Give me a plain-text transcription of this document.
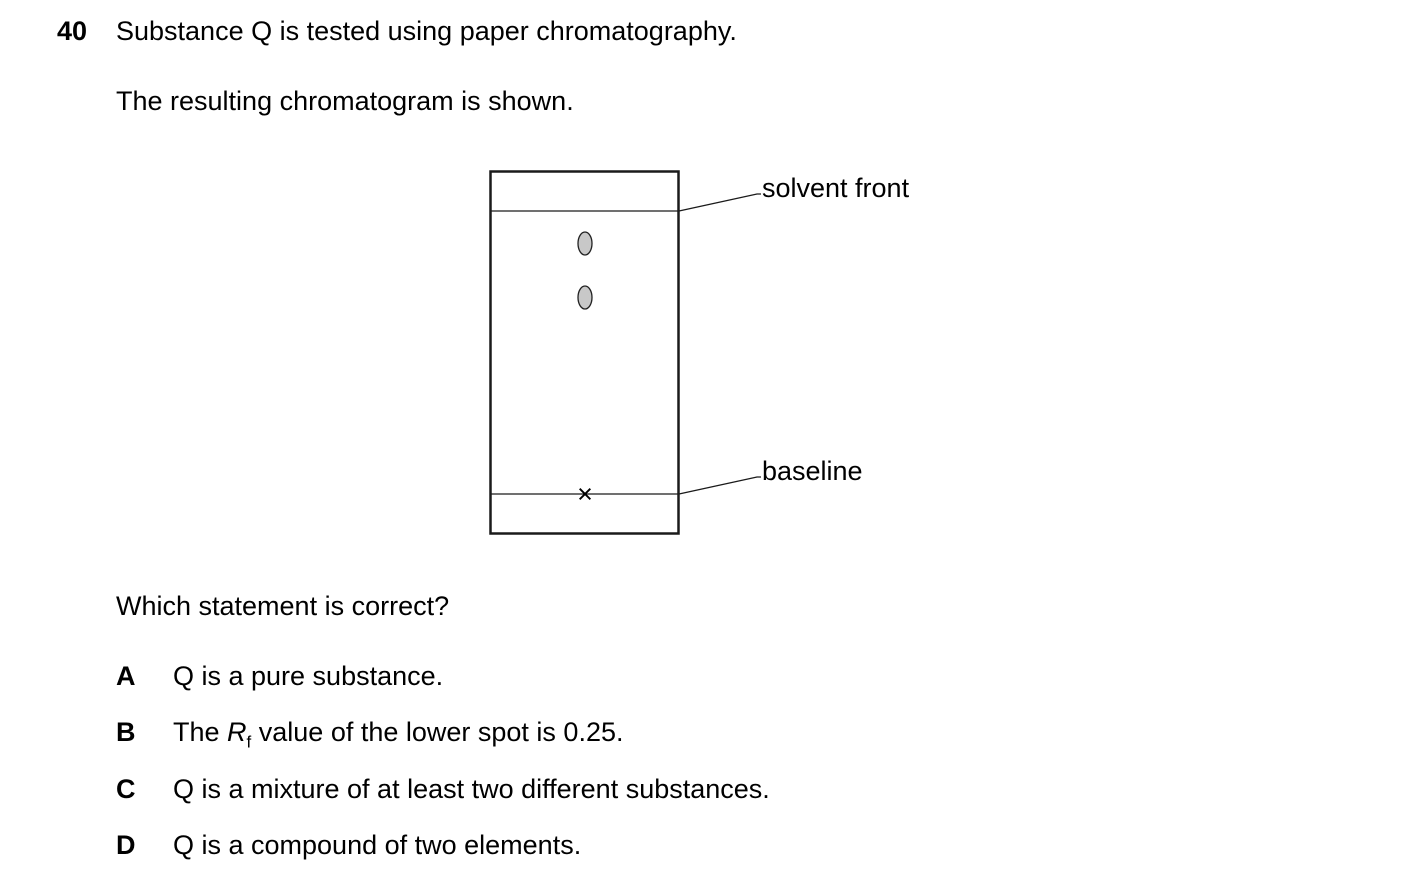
40 Substance Q is tested using paper chromatography.
The resulting chromatogram is shown.
×
solvent front
baseline
Which statement is correct?
A Q is a pure substance.
B The $R_f$ value of the lower spot is 0.25.
C Q is a mixture of at least two different substances.
D Q is a compound of two elements.
